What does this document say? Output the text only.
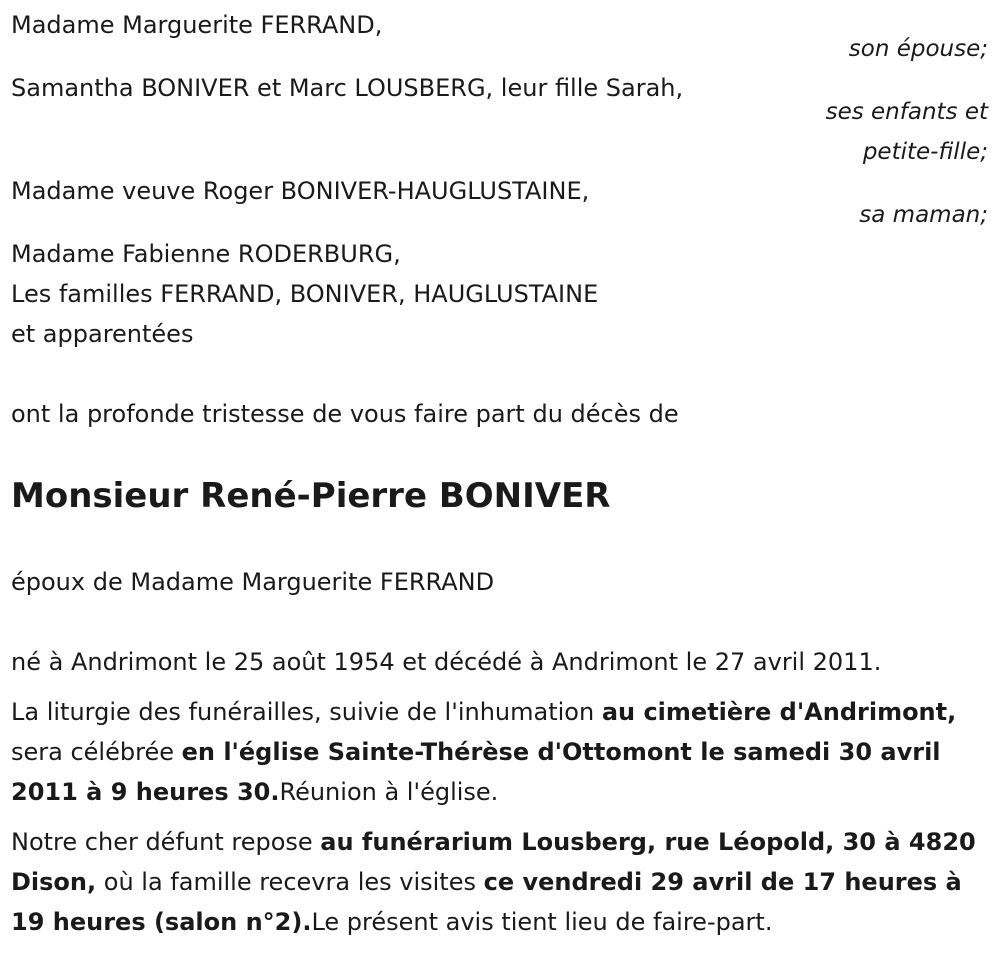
Madame Marguerite FERRAND,

son épouse;

Samantha BONIVER et Marc LOUSBERG, leur fille Sarah,

ses enfants et

petite-fille;

Madame veuve Roger BONIVER-HAUGLUSTAINE,

sa maman;

Madame Fabienne RODERBURG,

Les familles FERRAND, BONIVER, HAUGLUSTAINE

et apparentées

ont la profonde tristesse de vous faire part du décès de

Monsieur René-Pierre BONIVER

époux de Madame Marguerite FERRAND

né à Andrimont le 25 août 1954 et décédé à Andrimont le 27 avril 2011.

La liturgie des funérailles, suivie de l'inhumation au cimetière d'Andrimont, sera célébrée en l'église Sainte-Thérèse d'Ottomont le samedi 30 avril 2011 à 9 heures 30.Réunion à l'église.

Notre cher défunt repose au funérarium Lousberg, rue Léopold, 30 à 4820 Dison, où la famille recevra les visites ce vendredi 29 avril de 17 heures à 19 heures (salon n°2).Le présent avis tient lieu de faire-part.
